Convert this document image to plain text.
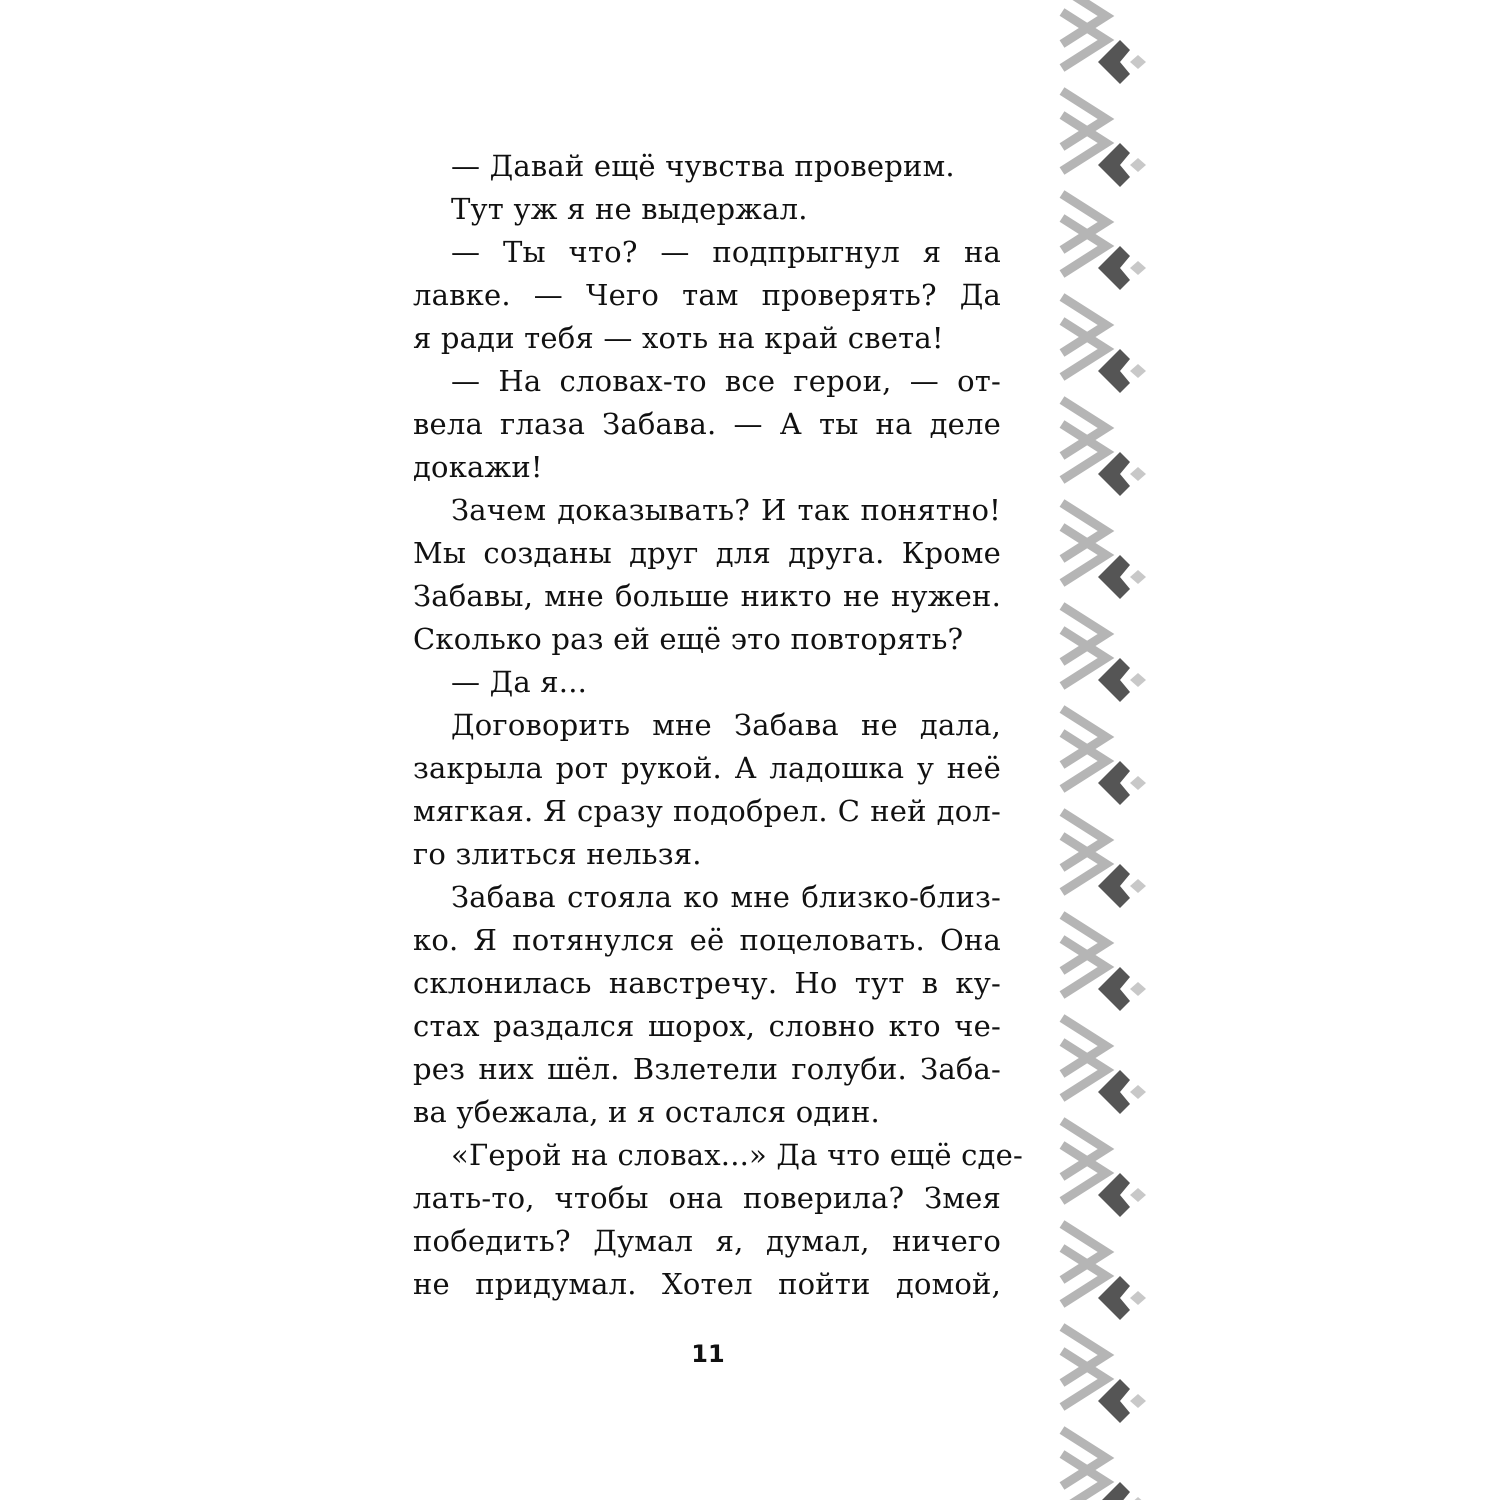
— Давай ещё чувства проверим.
Тут уж я не выдержал.
— Ты что? — подпрыгнул я на
лавке. — Чего там проверять? Да
я ради тебя — хоть на край света!
— На словах-то все герои, — от-
вела глаза Забава. — А ты на деле
докажи!
Зачем доказывать? И так понятно!
Мы созданы друг для друга. Кроме
Забавы, мне больше никто не нужен.
Сколько раз ей ещё это повторять?
— Да я...
Договорить мне Забава не дала,
закрыла рот рукой. А ладошка у неё
мягкая. Я сразу подобрел. С ней дол-
го злиться нельзя.
Забава стояла ко мне близко-близ-
ко. Я потянулся её поцеловать. Она
склонилась навстречу. Но тут в ку-
стах раздался шорох, словно кто че-
рез них шёл. Взлетели голуби. Заба-
ва убежала, и я остался один.
«Герой на словах...» Да что ещё сде-
лать-то, чтобы она поверила? Змея
победить? Думал я, думал, ничего
не придумал. Хотел пойти домой,
11
